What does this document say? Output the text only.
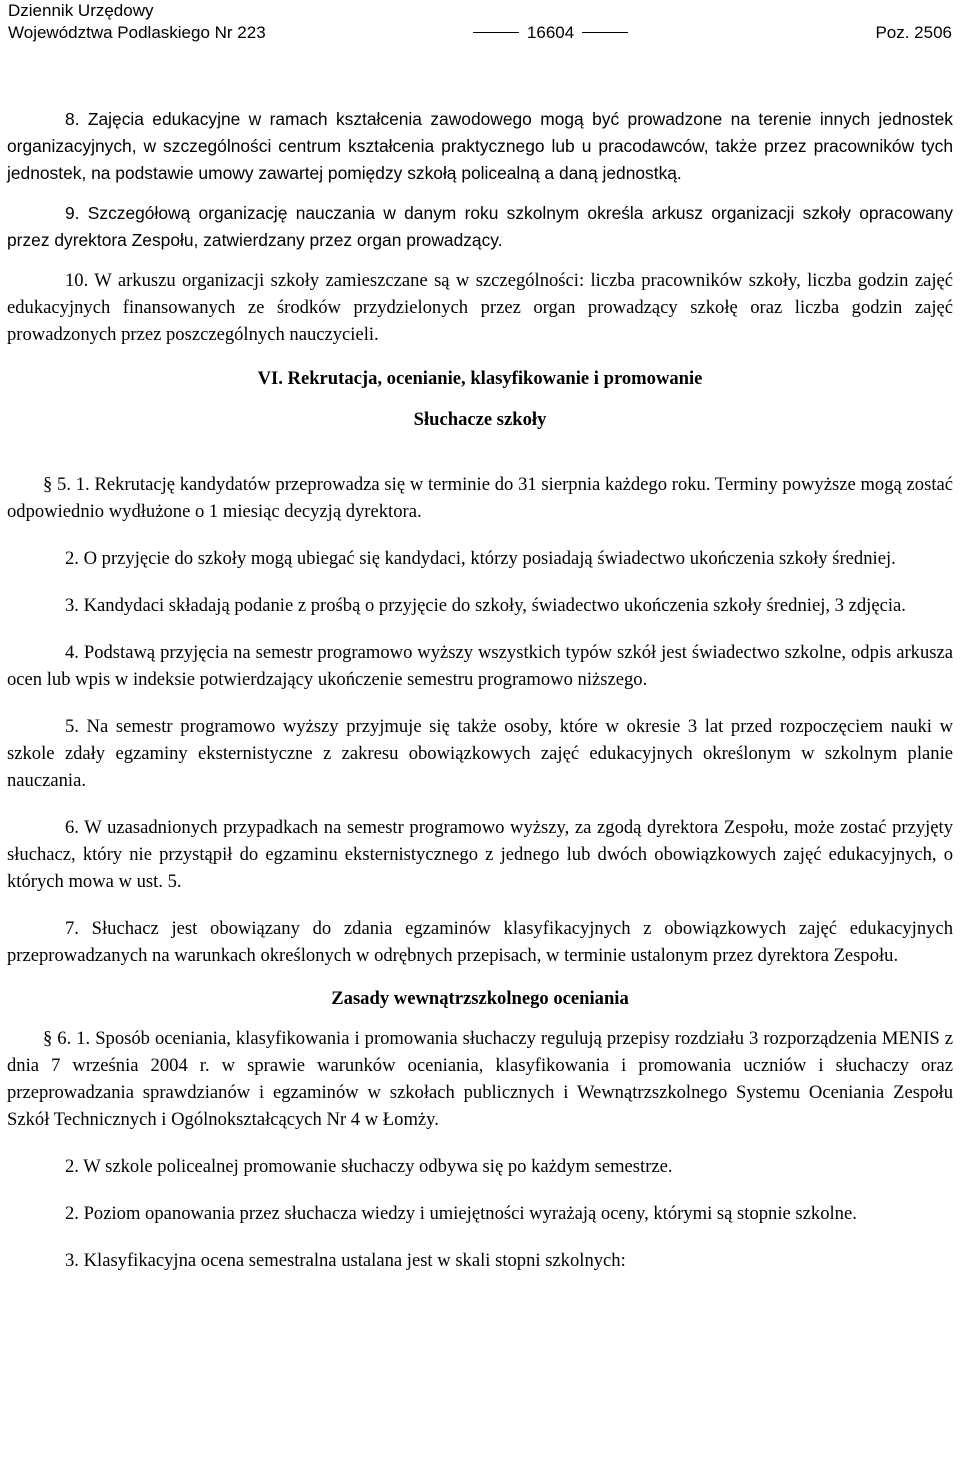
Dziennik Urzędowy
Województwa Podlaskiego Nr 223	16604	Poz. 2506

8. Zajęcia edukacyjne w ramach kształcenia zawodowego mogą być prowadzone na terenie innych jednostek organizacyjnych, w szczególności centrum kształcenia praktycznego lub u pracodawców, także przez pracowników tych jednostek, na podstawie umowy zawartej pomiędzy szkołą policealną a daną jednostką.

9. Szczegółową organizację nauczania w danym roku szkolnym określa arkusz organizacji szkoły opracowany przez dyrektora Zespołu, zatwierdzany przez organ prowadzący.

10. W arkuszu organizacji szkoły zamieszczane są w szczególności: liczba pracowników szkoły, liczba godzin zajęć edukacyjnych finansowanych ze środków przydzielonych przez organ prowadzący szkołę oraz liczba godzin zajęć prowadzonych przez poszczególnych nauczycieli.

VI. Rekrutacja, ocenianie, klasyfikowanie i promowanie

Słuchacze szkoły

§ 5. 1. Rekrutację kandydatów przeprowadza się w terminie do 31 sierpnia każdego roku. Terminy powyższe mogą zostać odpowiednio wydłużone o 1 miesiąc decyzją dyrektora.

2. O przyjęcie do szkoły mogą ubiegać się kandydaci, którzy posiadają świadectwo ukończenia szkoły średniej.

3. Kandydaci składają podanie z prośbą o przyjęcie do szkoły, świadectwo ukończenia szkoły średniej, 3 zdjęcia.

4. Podstawą przyjęcia na semestr programowo wyższy wszystkich typów szkół jest świadectwo szkolne, odpis arkusza ocen lub wpis w indeksie potwierdzający ukończenie semestru programowo niższego.

5. Na semestr programowo wyższy przyjmuje się także osoby, które w okresie 3 lat przed rozpoczęciem nauki w szkole zdały egzaminy eksternistyczne z zakresu obowiązkowych zajęć edukacyjnych określonym w szkolnym planie nauczania.

6. W uzasadnionych przypadkach na semestr programowo wyższy, za zgodą dyrektora Zespołu, może zostać przyjęty słuchacz, który nie przystąpił do egzaminu eksternistycznego z jednego lub dwóch obowiązkowych zajęć edukacyjnych, o których mowa w ust. 5.

7. Słuchacz jest obowiązany do zdania egzaminów klasyfikacyjnych z obowiązkowych zajęć edukacyjnych przeprowadzanych na warunkach określonych w odrębnych przepisach, w terminie ustalonym przez dyrektora Zespołu.

Zasady wewnątrzszkolnego oceniania

§ 6. 1. Sposób oceniania, klasyfikowania i promowania słuchaczy regulują przepisy rozdziału 3 rozporządzenia MENIS z dnia 7 września 2004 r. w sprawie warunków oceniania, klasyfikowania i promowania uczniów i słuchaczy oraz przeprowadzania sprawdzianów i egzaminów w szkołach publicznych i Wewnątrzszkolnego Systemu Oceniania Zespołu Szkół Technicznych i Ogólnokształcących Nr 4 w Łomży.

2. W szkole policealnej promowanie słuchaczy odbywa się po każdym semestrze.

2. Poziom opanowania przez słuchacza wiedzy i umiejętności wyrażają oceny, którymi są stopnie szkolne.

3. Klasyfikacyjna ocena semestralna ustalana jest w skali stopni szkolnych:
